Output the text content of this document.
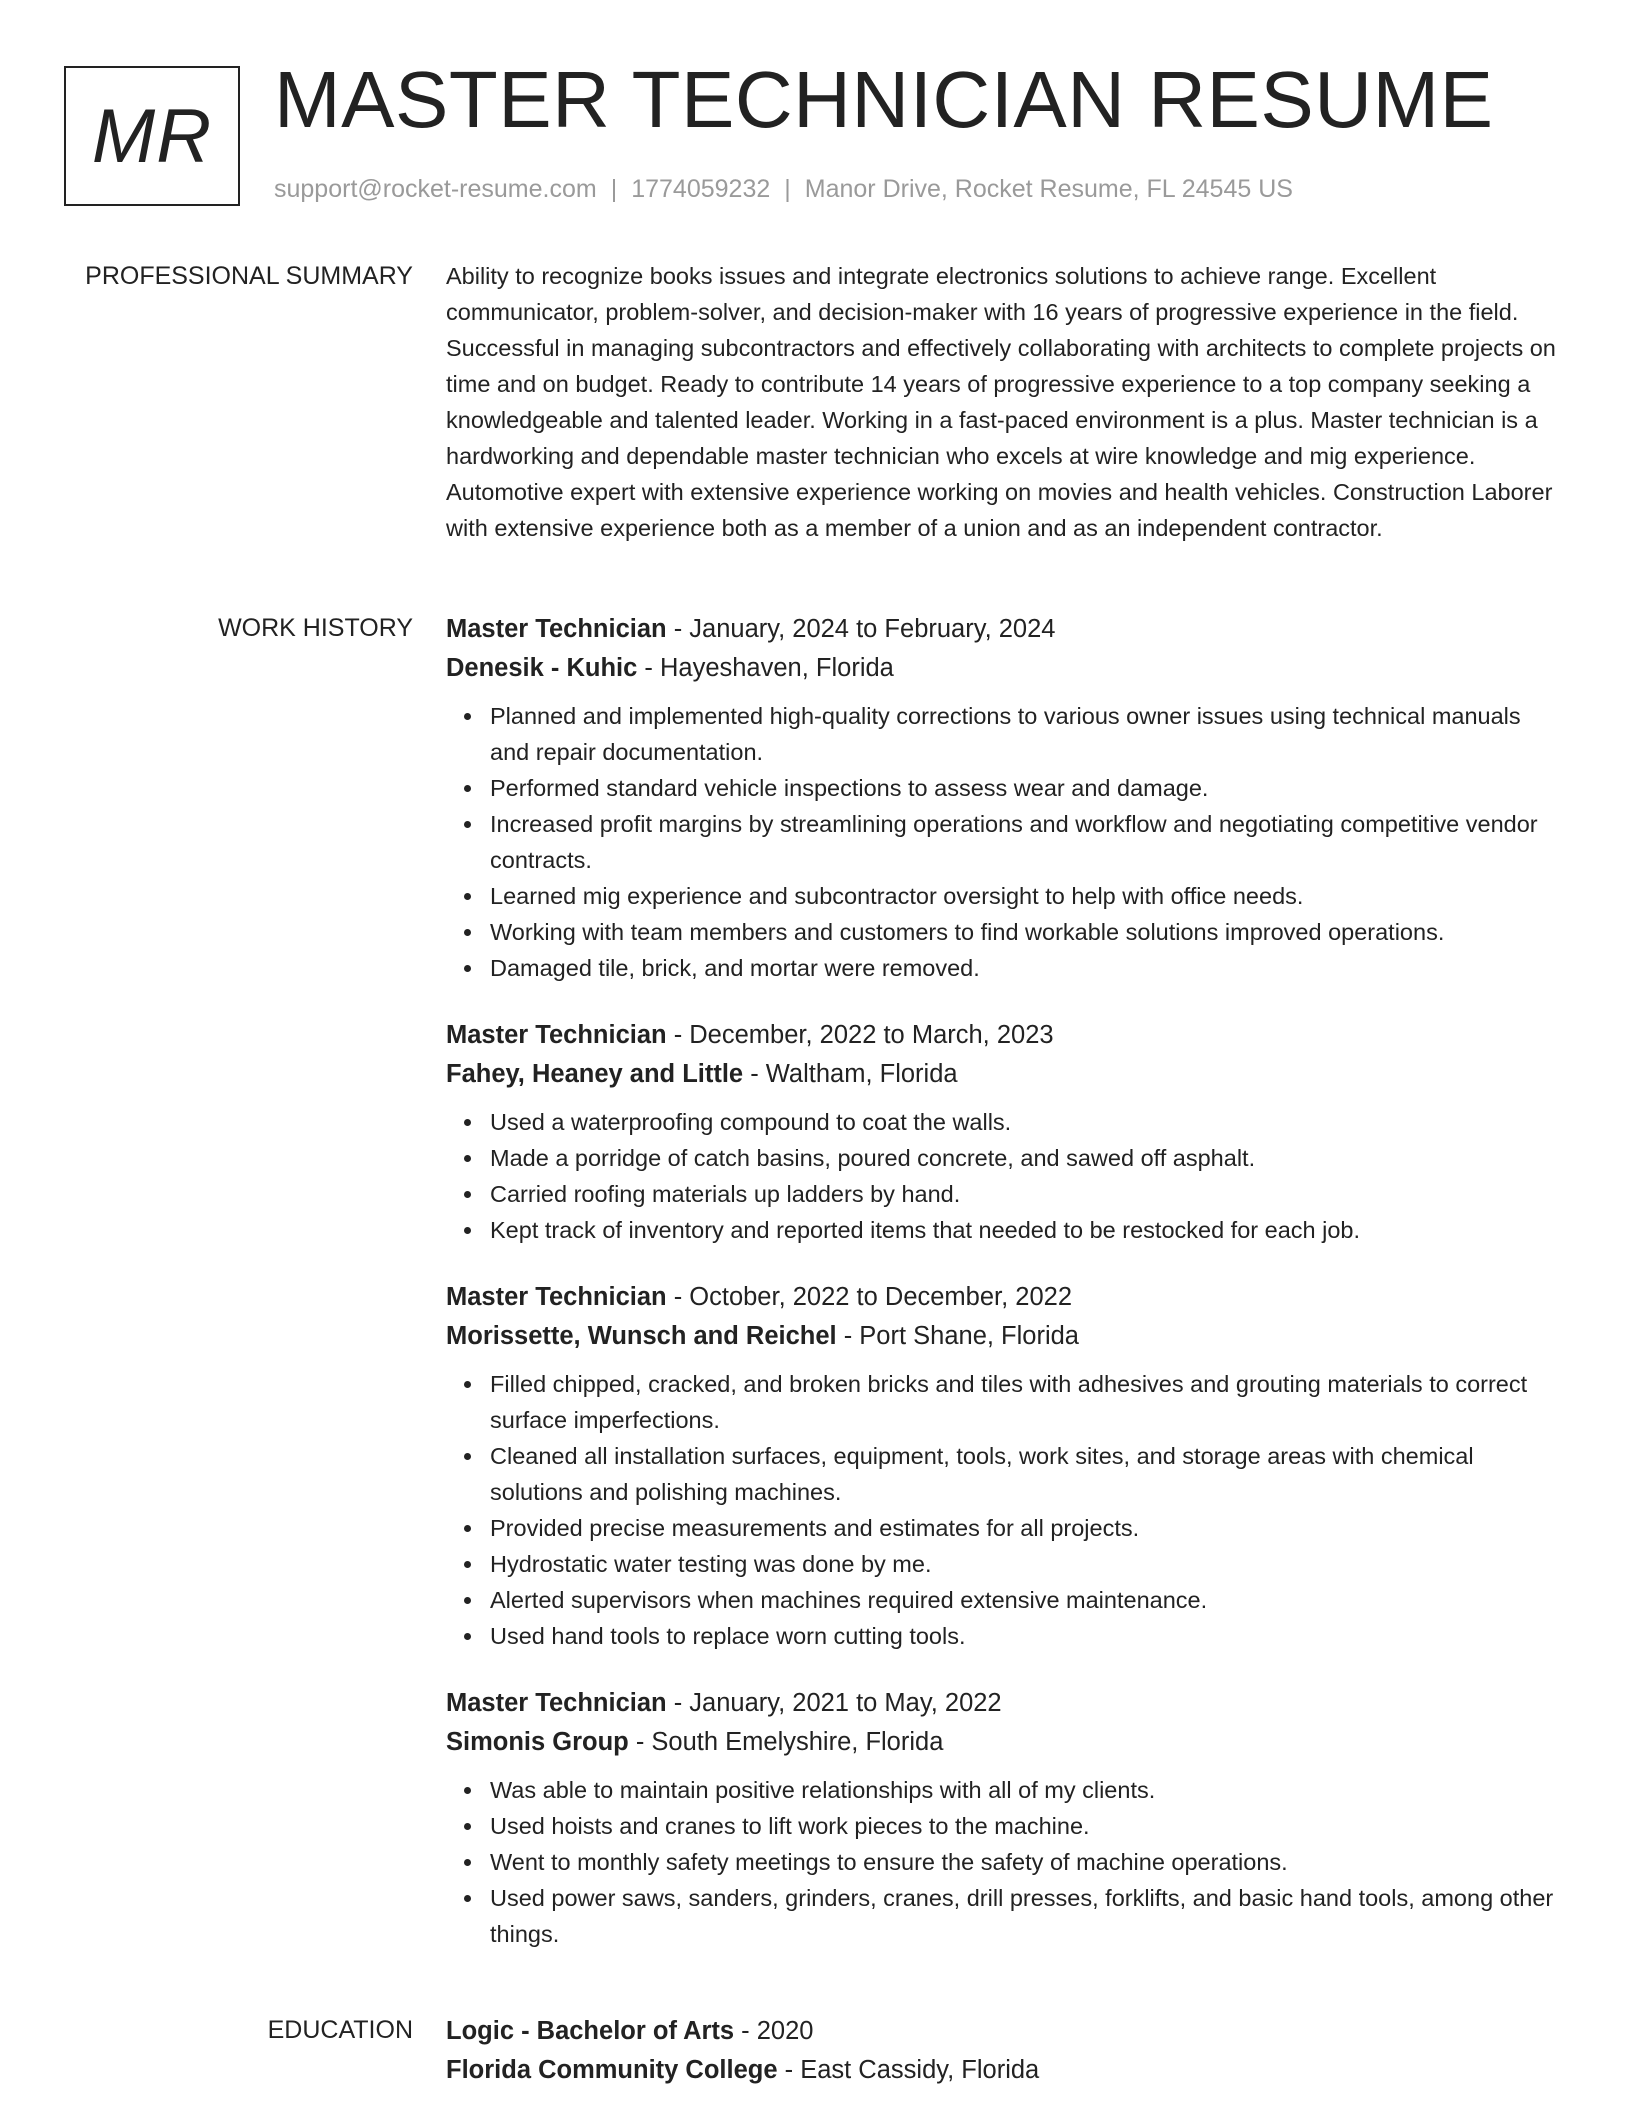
MR MASTER TECHNICIAN RESUME
support@rocket-resume.com | 1774059232 | Manor Drive, Rocket Resume, FL 24545 US
PROFESSIONAL SUMMARY Ability to recognize books issues and integrate electronics solutions to achieve range. Excellent communicator, problem-solver, and decision-maker with 16 years of progressive experience in the field. Successful in managing subcontractors and effectively collaborating with architects to complete projects on time and on budget. Ready to contribute 14 years of progressive experience to a top company seeking a knowledgeable and talented leader. Working in a fast-paced environment is a plus. Master technician is a hardworking and dependable master technician who excels at wire knowledge and mig experience. Automotive expert with extensive experience working on movies and health vehicles. Construction Laborer with extensive experience both as a member of a union and as an independent contractor.

WORK HISTORY Master Technician - January, 2024 to February, 2024
Denesik - Kuhic - Hayeshaven, Florida
Planned and implemented high-quality corrections to various owner issues using technical manuals and repair documentation.
Performed standard vehicle inspections to assess wear and damage.
Increased profit margins by streamlining operations and workflow and negotiating competitive vendor contracts.
Learned mig experience and subcontractor oversight to help with office needs.
Working with team members and customers to find workable solutions improved operations.
Damaged tile, brick, and mortar were removed.
Master Technician - December, 2022 to March, 2023
Fahey, Heaney and Little - Waltham, Florida
Used a waterproofing compound to coat the walls.
Made a porridge of catch basins, poured concrete, and sawed off asphalt.
Carried roofing materials up ladders by hand.
Kept track of inventory and reported items that needed to be restocked for each job.
Master Technician - October, 2022 to December, 2022
Morissette, Wunsch and Reichel - Port Shane, Florida
Filled chipped, cracked, and broken bricks and tiles with adhesives and grouting materials to correct surface imperfections.
Cleaned all installation surfaces, equipment, tools, work sites, and storage areas with chemical solutions and polishing machines.
Provided precise measurements and estimates for all projects.
Hydrostatic water testing was done by me.
Alerted supervisors when machines required extensive maintenance.
Used hand tools to replace worn cutting tools.
Master Technician - January, 2021 to May, 2022
Simonis Group - South Emelyshire, Florida
Was able to maintain positive relationships with all of my clients.
Used hoists and cranes to lift work pieces to the machine.
Went to monthly safety meetings to ensure the safety of machine operations.
Used power saws, sanders, grinders, cranes, drill presses, forklifts, and basic hand tools, among other things.
EDUCATION Logic - Bachelor of Arts - 2020
Florida Community College - East Cassidy, Florida
